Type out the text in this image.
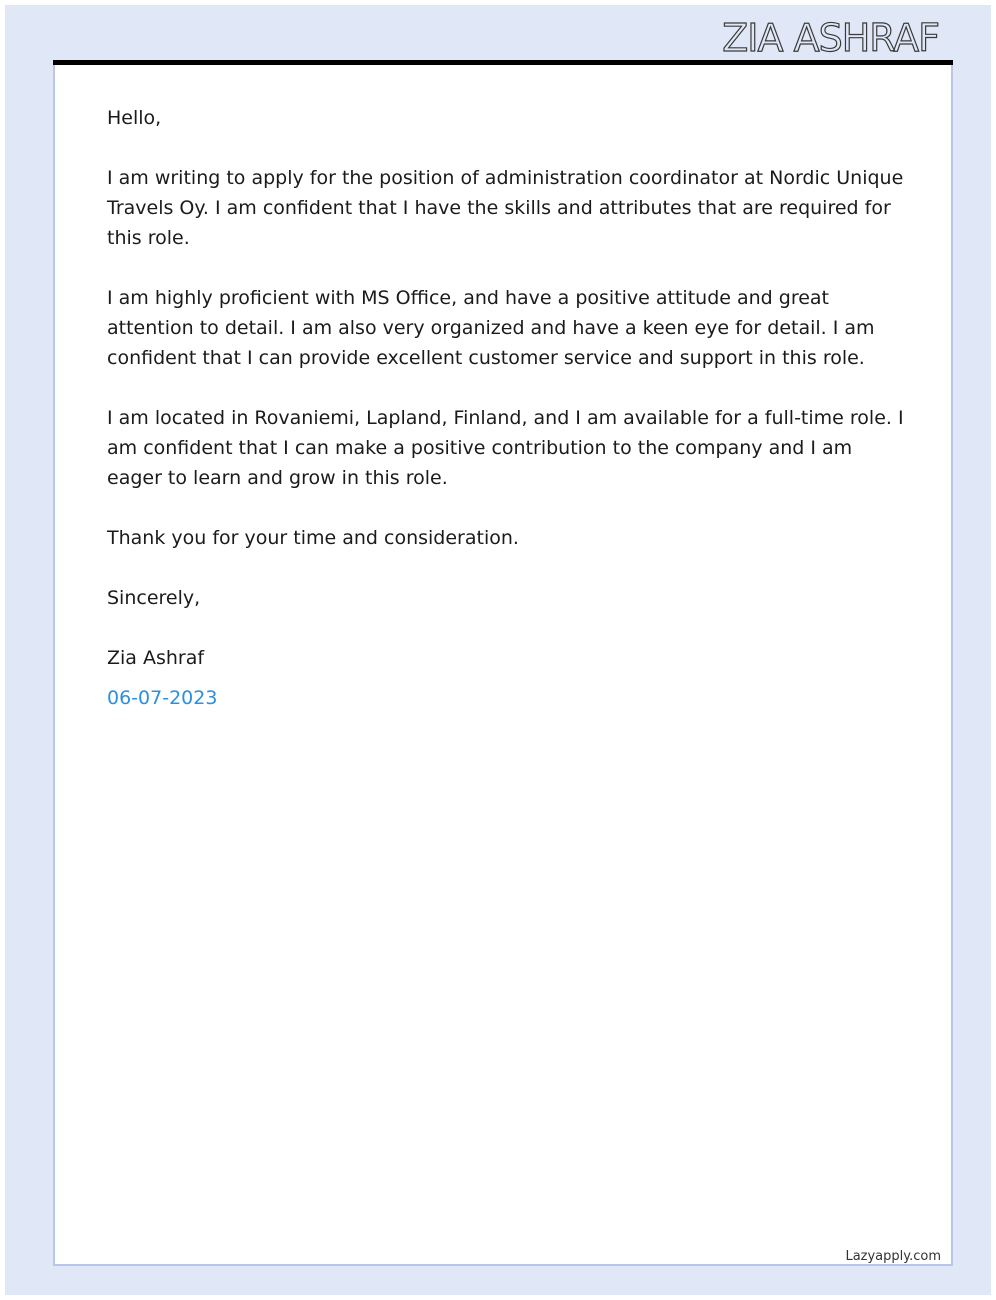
ZIA ASHRAF

Hello,

I am writing to apply for the position of administration coordinator at Nordic Unique Travels Oy. I am confident that I have the skills and attributes that are required for this role.

I am highly proficient with MS Office, and have a positive attitude and great attention to detail. I am also very organized and have a keen eye for detail. I am confident that I can provide excellent customer service and support in this role.

I am located in Rovaniemi, Lapland, Finland, and I am available for a full-time role. I am confident that I can make a positive contribution to the company and I am eager to learn and grow in this role.

Thank you for your time and consideration.

Sincerely,

Zia Ashraf

06-07-2023

Lazyapply.com
